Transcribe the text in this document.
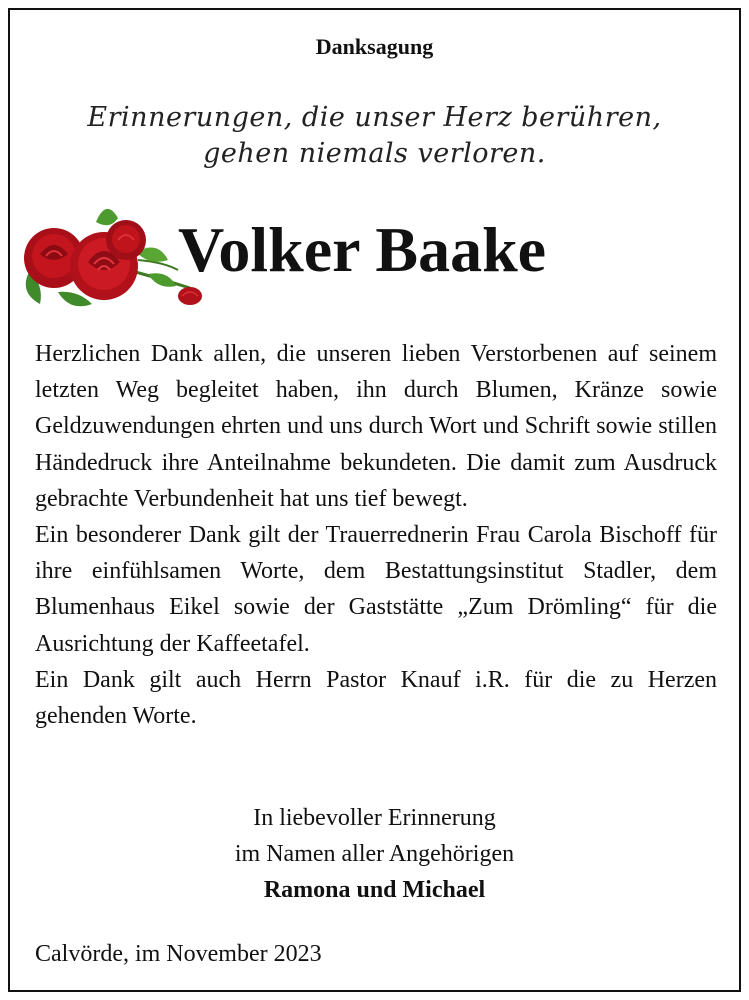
Danksagung
Erinnerungen, die unser Herz berühren,
gehen niemals verloren.
Volker Baake

Herzlichen Dank allen, die unseren lieben Verstorbenen auf seinem letzten Weg begleitet haben, ihn durch Blumen, Kränze sowie Geldzuwendungen ehrten und uns durch Wort und Schrift sowie stillen Händedruck ihre Anteilnahme bekundeten. Die damit zum Ausdruck gebrachte Verbundenheit hat uns tief bewegt.

Ein besonderer Dank gilt der Trauerrednerin Frau Carola Bischoff für ihre einfühlsamen Worte, dem Bestattungsinstitut Stadler, dem Blumenhaus Eikel sowie der Gaststätte „Zum Drömling“ für die Ausrichtung der Kaffeetafel.

Ein Dank gilt auch Herrn Pastor Knauf i.R. für die zu Herzen gehenden Worte.

In liebevoller Erinnerung
im Namen aller Angehörigen
Ramona und Michael
Calvörde, im November 2023
